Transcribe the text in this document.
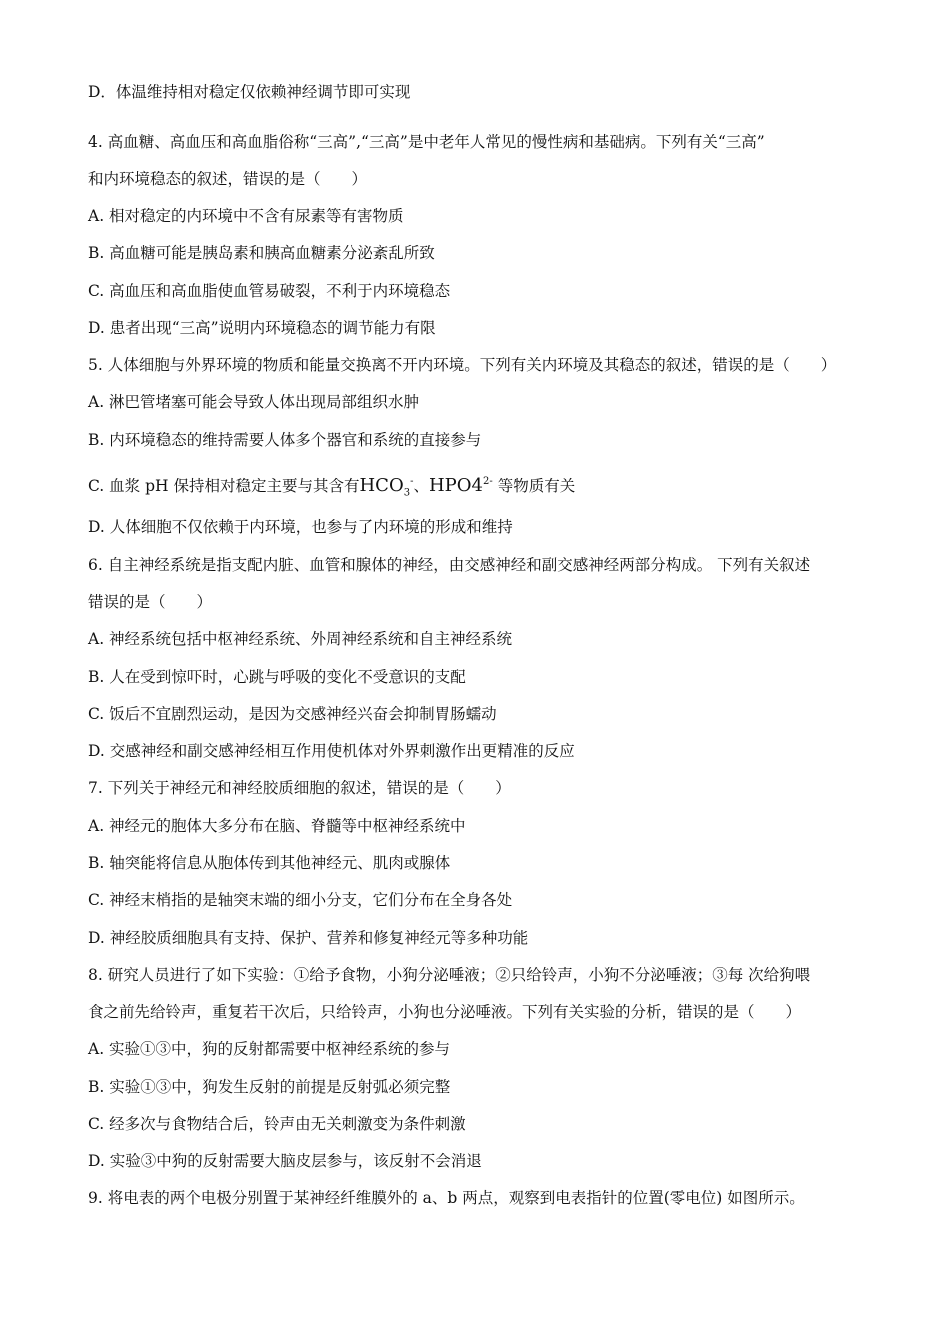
D．体温维持相对稳定仅依赖神经调节即可实现
4. 高血糖、高血压和高血脂俗称“三高”,“三高”是中老年人常见的慢性病和基础病。下列有关“三高”
和内环境稳态的叙述，错误的是（　　）
A. 相对稳定的内环境中不含有尿素等有害物质
B. 高血糖可能是胰岛素和胰高血糖素分泌紊乱所致
C. 高血压和高血脂使血管易破裂，不利于内环境稳态
D. 患者出现“三高”说明内环境稳态的调节能力有限
5. 人体细胞与外界环境的物质和能量交换离不开内环境。下列有关内环境及其稳态的叙述，错误的是（　　）
A. 淋巴管堵塞可能会导致人体出现局部组织水肿
B. 内环境稳态的维持需要人体多个器官和系统的直接参与
C. 血浆 pH 保持相对稳定主要与其含有$HCO_3^-$、$HPO4^{2-}$ 等物质有关
D. 人体细胞不仅依赖于内环境，也参与了内环境的形成和维持
6. 自主神经系统是指支配内脏、血管和腺体的神经，由交感神经和副交感神经两部分构成。 下列有关叙述
错误的是（　　）
A. 神经系统包括中枢神经系统、外周神经系统和自主神经系统
B. 人在受到惊吓时，心跳与呼吸的变化不受意识的支配
C. 饭后不宜剧烈运动，是因为交感神经兴奋会抑制胃肠蠕动
D. 交感神经和副交感神经相互作用使机体对外界刺激作出更精准的反应
7. 下列关于神经元和神经胶质细胞的叙述，错误的是（　　）
A. 神经元的胞体大多分布在脑、脊髓等中枢神经系统中
B. 轴突能将信息从胞体传到其他神经元、肌肉或腺体
C. 神经末梢指的是轴突末端的细小分支，它们分布在全身各处
D. 神经胶质细胞具有支持、保护、营养和修复神经元等多种功能
8. 研究人员进行了如下实验：①给予食物，小狗分泌唾液；②只给铃声，小狗不分泌唾液；③每 次给狗喂
食之前先给铃声，重复若干次后，只给铃声，小狗也分泌唾液。下列有关实验的分析，错误的是（　　）
A. 实验①③中，狗的反射都需要中枢神经系统的参与
B. 实验①③中，狗发生反射的前提是反射弧必须完整
C. 经多次与食物结合后，铃声由无关刺激变为条件刺激
D. 实验③中狗的反射需要大脑皮层参与，该反射不会消退
9. 将电表的两个电极分别置于某神经纤维膜外的 a、b 两点，观察到电表指针的位置(零电位) 如图所示。
